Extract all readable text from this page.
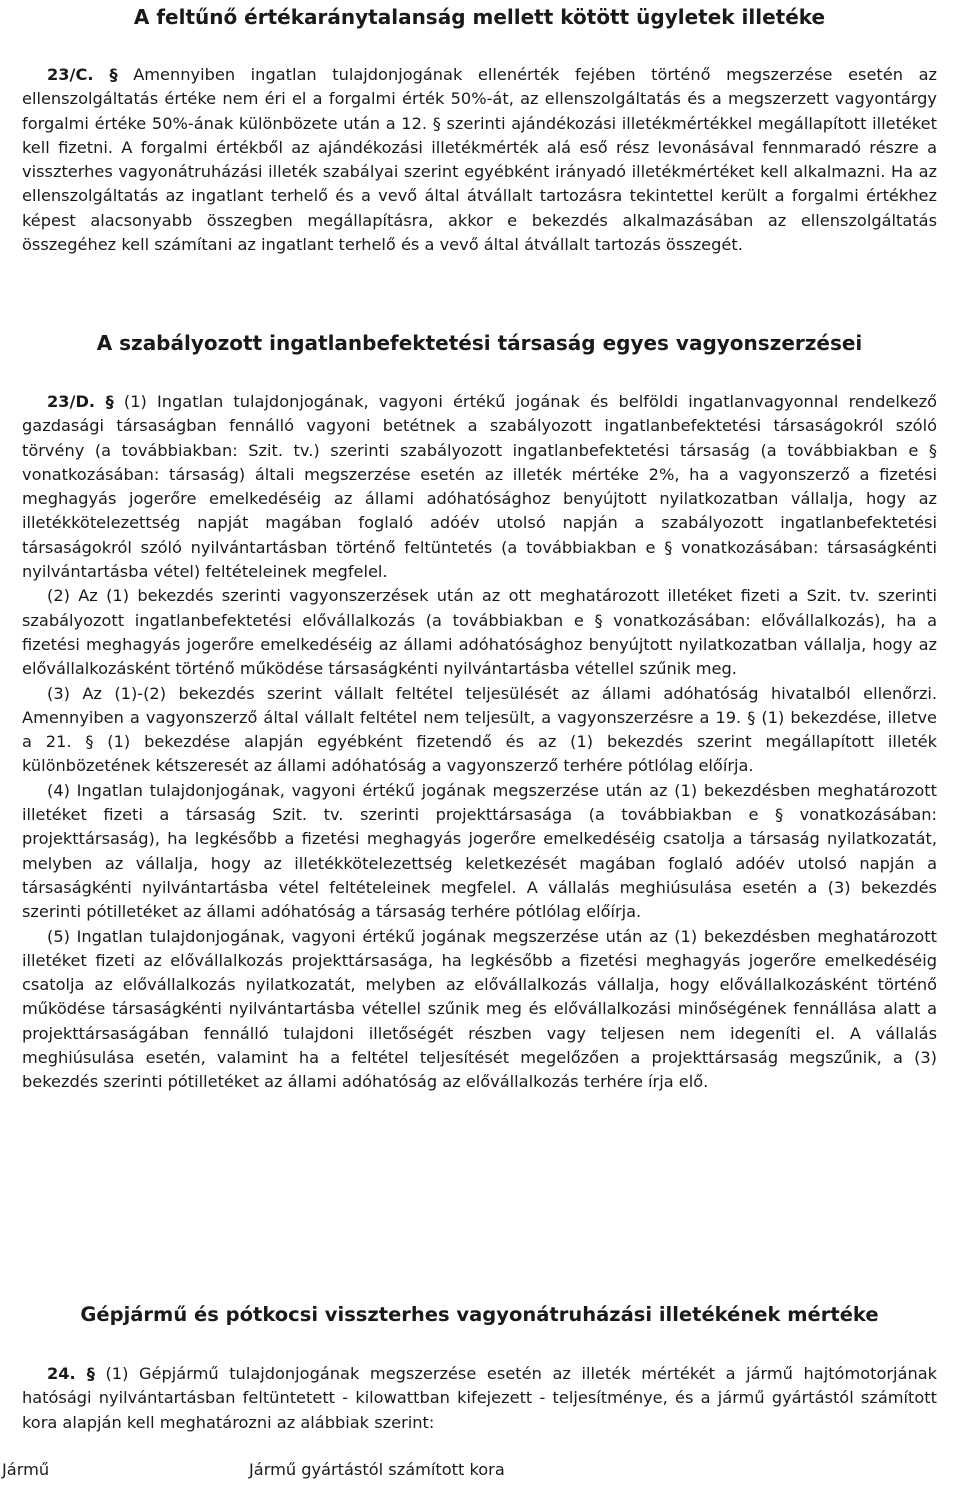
A feltűnő értékaránytalanság mellett kötött ügyletek illetéke

23/C. § Amennyiben ingatlan tulajdonjogának ellenérték fejében történő megszerzése esetén az ellenszolgáltatás értéke nem éri el a forgalmi érték 50%-át, az ellenszolgáltatás és a megszerzett vagyontárgy forgalmi értéke 50%-ának különbözete után a 12. § szerinti ajándékozási illetékmértékkel megállapított illetéket kell fizetni. A forgalmi értékből az ajándékozási illetékmérték alá eső rész levonásával fennmaradó részre a visszterhes vagyonátruházási illeték szabályai szerint egyébként irányadó illetékmértéket kell alkalmazni. Ha az ellenszolgáltatás az ingatlant terhelő és a vevő által átvállalt tartozásra tekintettel került a forgalmi értékhez képest alacsonyabb összegben megállapításra, akkor e bekezdés alkalmazásában az ellenszolgáltatás összegéhez kell számítani az ingatlant terhelő és a vevő által átvállalt tartozás összegét.

A szabályozott ingatlanbefektetési társaság egyes vagyonszerzései

23/D. § (1) Ingatlan tulajdonjogának, vagyoni értékű jogának és belföldi ingatlanvagyonnal rendelkező gazdasági társaságban fennálló vagyoni betétnek a szabályozott ingatlanbefektetési társaságokról szóló törvény (a továbbiakban: Szit. tv.) szerinti szabályozott ingatlanbefektetési társaság (a továbbiakban e § vonatkozásában: társaság) általi megszerzése esetén az illeték mértéke 2%, ha a vagyonszerző a fizetési meghagyás jogerőre emelkedéséig az állami adóhatósághoz benyújtott nyilatkozatban vállalja, hogy az illetékkötelezettség napját magában foglaló adóév utolsó napján a szabályozott ingatlanbefektetési társaságokról szóló nyilvántartásban történő feltüntetés (a továbbiakban e § vonatkozásában: társaságkénti nyilvántartásba vétel) feltételeinek megfelel.

(2) Az (1) bekezdés szerinti vagyonszerzések után az ott meghatározott illetéket fizeti a Szit. tv. szerinti szabályozott ingatlanbefektetési elővállalkozás (a továbbiakban e § vonatkozásában: elővállalkozás), ha a fizetési meghagyás jogerőre emelkedéséig az állami adóhatósághoz benyújtott nyilatkozatban vállalja, hogy az elővállalkozásként történő működése társaságkénti nyilvántartásba vétellel szűnik meg.

(3) Az (1)-(2) bekezdés szerint vállalt feltétel teljesülését az állami adóhatóság hivatalból ellenőrzi. Amennyiben a vagyonszerző által vállalt feltétel nem teljesült, a vagyonszerzésre a 19. § (1) bekezdése, illetve a 21. § (1) bekezdése alapján egyébként fizetendő és az (1) bekezdés szerint megállapított illeték különbözetének kétszeresét az állami adóhatóság a vagyonszerző terhére pótlólag előírja.

(4) Ingatlan tulajdonjogának, vagyoni értékű jogának megszerzése után az (1) bekezdésben meghatározott illetéket fizeti a társaság Szit. tv. szerinti projekttársasága (a továbbiakban e § vonatkozásában: projekttársaság), ha legkésőbb a fizetési meghagyás jogerőre emelkedéséig csatolja a társaság nyilatkozatát, melyben az vállalja, hogy az illetékkötelezettség keletkezését magában foglaló adóév utolsó napján a társaságkénti nyilvántartásba vétel feltételeinek megfelel. A vállalás meghiúsulása esetén a (3) bekezdés szerinti pótilletéket az állami adóhatóság a társaság terhére pótlólag előírja.

(5) Ingatlan tulajdonjogának, vagyoni értékű jogának megszerzése után az (1) bekezdésben meghatározott illetéket fizeti az elővállalkozás projekttársasága, ha legkésőbb a fizetési meghagyás jogerőre emelkedéséig csatolja az elővállalkozás nyilatkozatát, melyben az elővállalkozás vállalja, hogy elővállalkozásként történő működése társaságkénti nyilvántartásba vétellel szűnik meg és elővállalkozási minőségének fennállása alatt a projekttársaságában fennálló tulajdoni illetőségét részben vagy teljesen nem idegeníti el. A vállalás meghiúsulása esetén, valamint ha a feltétel teljesítését megelőzően a projekttársaság megszűnik, a (3) bekezdés szerinti pótilletéket az állami adóhatóság az elővállalkozás terhére írja elő.

Gépjármű és pótkocsi visszterhes vagyonátruházási illetékének mértéke

24. § (1) Gépjármű tulajdonjogának megszerzése esetén az illeték mértékét a jármű hajtómotorjának hatósági nyilvántartásban feltüntetett - kilowattban kifejezett - teljesítménye, és a jármű gyártástól számított kora alapján kell meghatározni az alábbiak szerint:

Jármű	Jármű gyártástól számított kora
